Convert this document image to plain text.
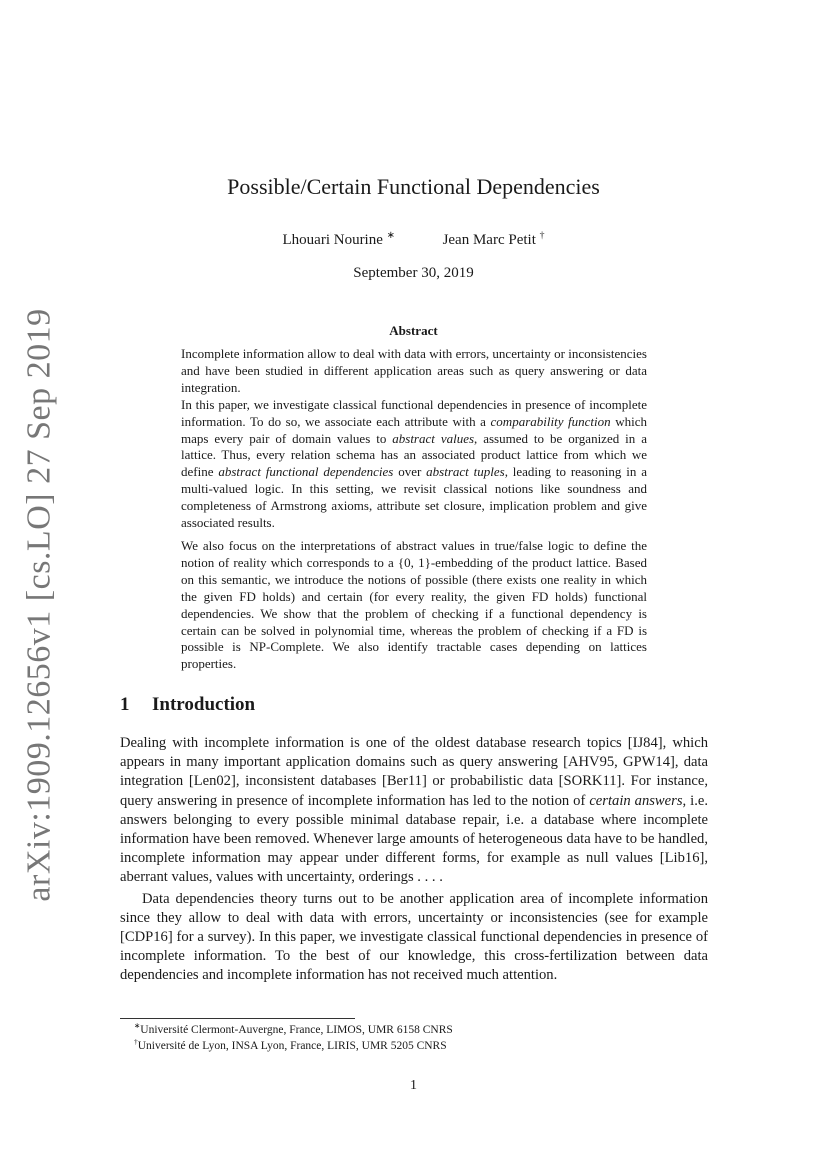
arXiv:1909.12656v1 [cs.LO] 27 Sep 2019
Possible/Certain Functional Dependencies
Lhouari Nourine ∗	Jean Marc Petit †
September 30, 2019
Abstract

Incomplete information allow to deal with data with errors, uncertainty or inconsistencies and have been studied in different application areas such as query answering or data integration.

In this paper, we investigate classical functional dependencies in presence of incomplete information. To do so, we associate each attribute with a comparability function which maps every pair of domain values to abstract values, assumed to be organized in a lattice. Thus, every relation schema has an associated product lattice from which we define abstract functional dependencies over abstract tuples, leading to reasoning in a multi-valued logic. In this setting, we revisit classical notions like soundness and completeness of Armstrong axioms, attribute set closure, implication problem and give associated results.

We also focus on the interpretations of abstract values in true/false logic to define the notion of reality which corresponds to a {0, 1}-embedding of the product lattice. Based on this semantic, we introduce the notions of possible (there exists one reality in which the given FD holds) and certain (for every reality, the given FD holds) functional dependencies. We show that the problem of checking if a functional dependency is certain can be solved in polynomial time, whereas the problem of checking if a FD is possible is NP-Complete. We also identify tractable cases depending on lattices properties.

1 Introduction

Dealing with incomplete information is one of the oldest database research topics [IJ84], which appears in many important application domains such as query answering [AHV95, GPW14], data integration [Len02], inconsistent databases [Ber11] or probabilistic data [SORK11]. For instance, query answering in presence of incomplete information has led to the notion of certain answers, i.e. answers belonging to every possible minimal database repair, i.e. a database where incomplete information have been removed. Whenever large amounts of heterogeneous data have to be handled, incomplete information may appear under different forms, for example as null values [Lib16], aberrant values, values with uncertainty, orderings . . . .

Data dependencies theory turns out to be another application area of incomplete information since they allow to deal with data with errors, uncertainty or inconsistencies (see for example [CDP16] for a survey). In this paper, we investigate classical functional dependencies in presence of incomplete information. To the best of our knowledge, this cross-fertilization between data dependencies and incomplete information has not received much attention.

∗Université Clermont-Auvergne, France, LIMOS, UMR 6158 CNRS
†Université de Lyon, INSA Lyon, France, LIRIS, UMR 5205 CNRS
1
